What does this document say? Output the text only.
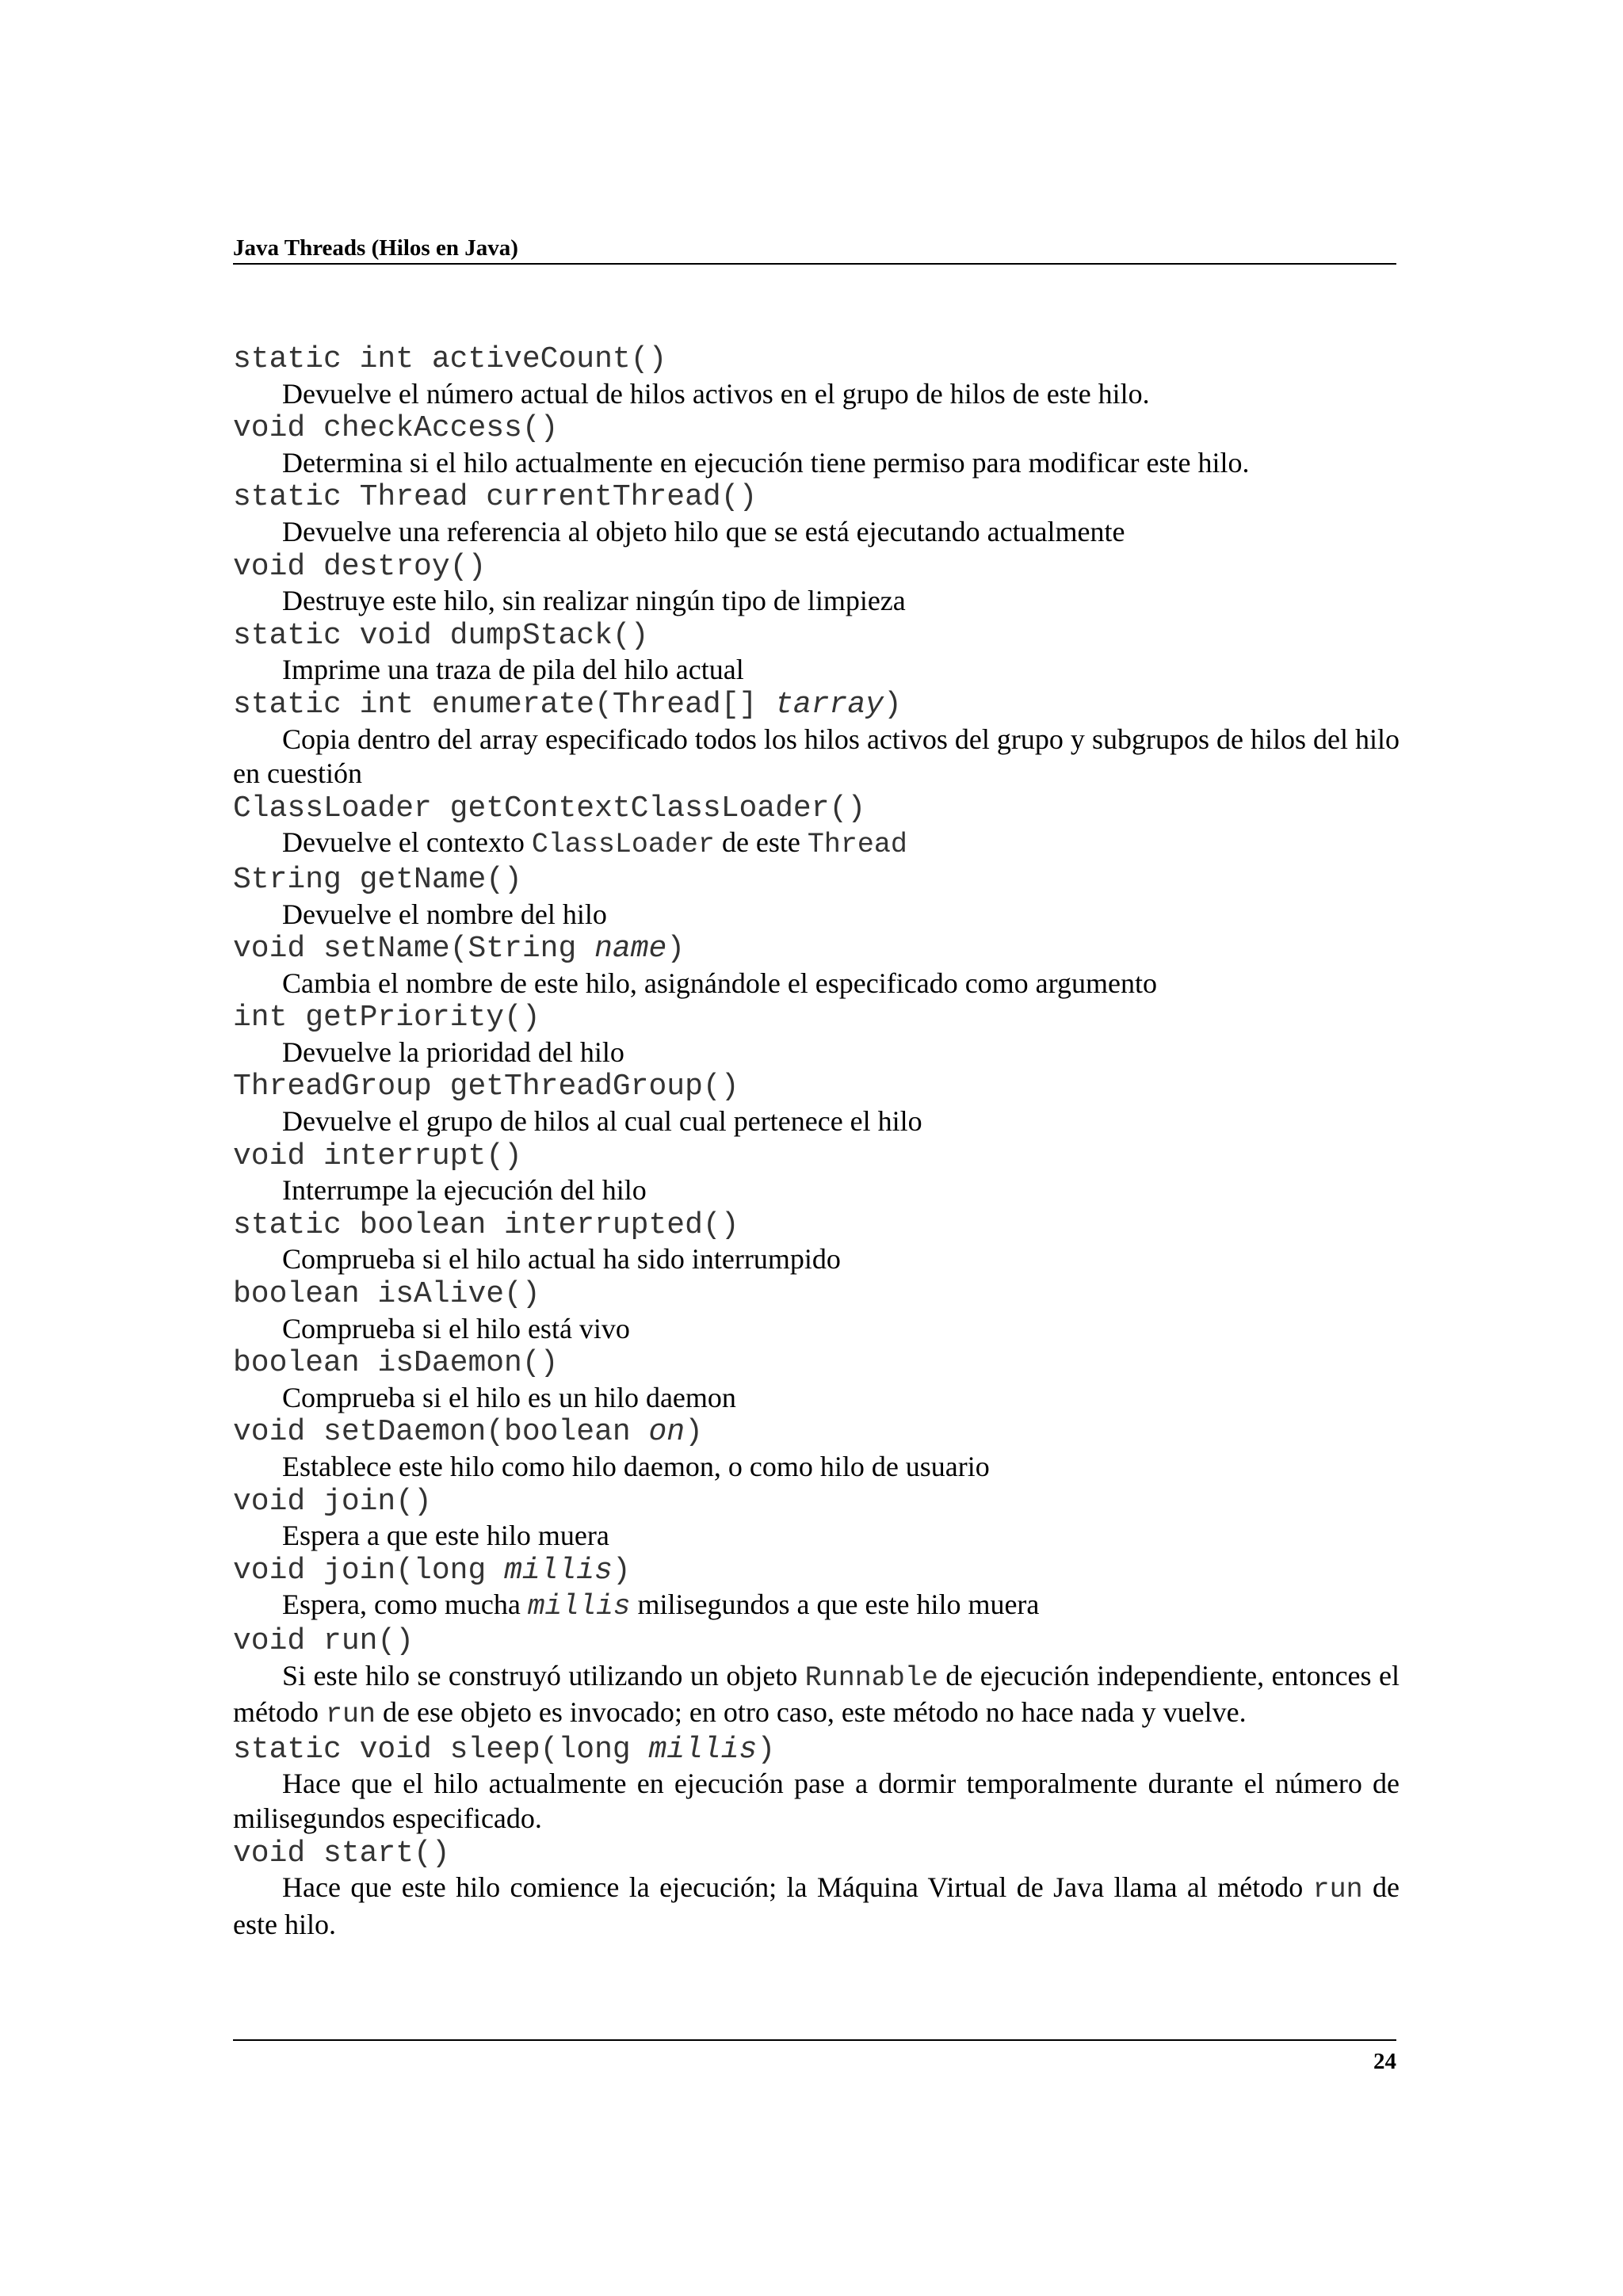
Java Threads (Hilos en Java)
static int activeCount()
Devuelve el número actual de hilos activos en el grupo de hilos de este hilo.
void checkAccess()
Determina si el hilo actualmente en ejecución tiene permiso para modificar este hilo.
static Thread currentThread()
Devuelve una referencia al objeto hilo que se está ejecutando actualmente
void destroy()
Destruye este hilo, sin realizar ningún tipo de limpieza
static void dumpStack()
Imprime una traza de pila del hilo actual
static int enumerate(Thread[] tarray)
Copia dentro del array especificado todos los hilos activos del grupo y subgrupos de hilos del hilo en cuestión
ClassLoader getContextClassLoader()
Devuelve el contexto ClassLoader de este Thread
String getName()
Devuelve el nombre del hilo
void setName(String name)
Cambia el nombre de este hilo, asignándole el especificado como argumento
int getPriority()
Devuelve la prioridad del hilo
ThreadGroup getThreadGroup()
Devuelve el grupo de hilos al cual cual pertenece el hilo
void interrupt()
Interrumpe la ejecución del hilo
static boolean interrupted()
Comprueba si el hilo actual ha sido interrumpido
boolean isAlive()
Comprueba si el hilo está vivo
boolean isDaemon()
Comprueba si el hilo es un hilo daemon
void setDaemon(boolean on)
Establece este hilo como hilo daemon, o como hilo de usuario
void join()
Espera a que este hilo muera
void join(long millis)
Espera, como mucha millis milisegundos a que este hilo muera
void run()
Si este hilo se construyó utilizando un objeto Runnable de ejecución independiente, entonces el método run de ese objeto es invocado; en otro caso, este método no hace nada y vuelve.
static void sleep(long millis)
Hace que el hilo actualmente en ejecución pase a dormir temporalmente durante el número de milisegundos especificado.
void start()
Hace que este hilo comience la ejecución; la Máquina Virtual de Java llama al método run de este hilo.
24
